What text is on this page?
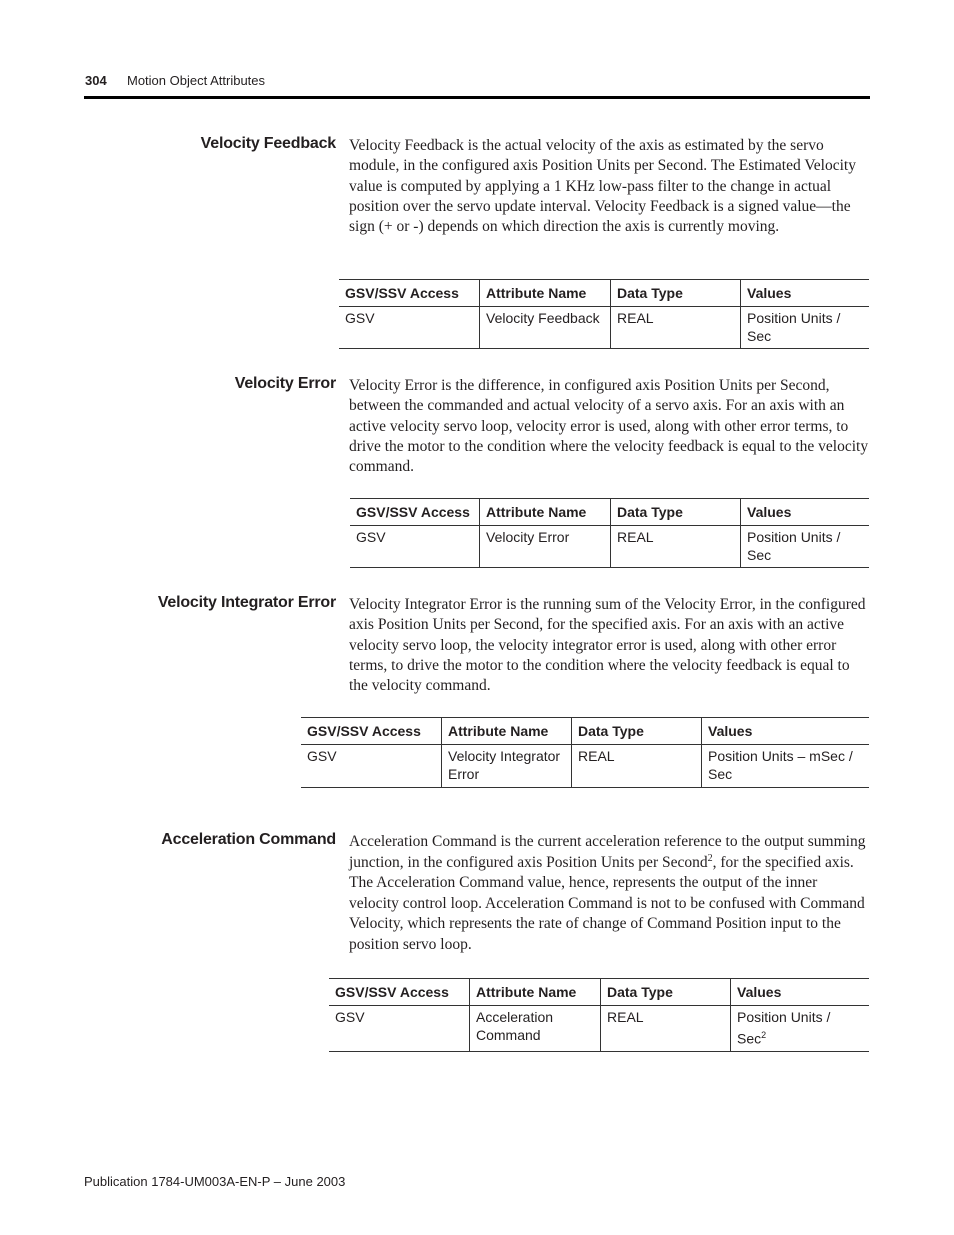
304 Motion Object Attributes
Velocity Feedback Velocity Feedback is the actual velocity of the axis as estimated by the servo module, in the configured axis Position Units per Second. The Estimated Velocity value is computed by applying a 1 KHz low-pass filter to the change in actual position over the servo update interval. Velocity Feedback is a signed value—the sign (+ or -) depends on which direction the axis is currently moving.
GSV/SSV Access	Attribute Name	Data Type	Values
GSV	Velocity Feedback	REAL	Position Units / Sec
Velocity Error Velocity Error is the difference, in configured axis Position Units per Second, between the commanded and actual velocity of a servo axis. For an axis with an active velocity servo loop, velocity error is used, along with other error terms, to drive the motor to the condition where the velocity feedback is equal to the velocity command.
GSV/SSV Access	Attribute Name	Data Type	Values
GSV	Velocity Error	REAL	Position Units / Sec
Velocity Integrator Error Velocity Integrator Error is the running sum of the Velocity Error, in the configured axis Position Units per Second, for the specified axis. For an axis with an active velocity servo loop, the velocity integrator error is used, along with other error terms, to drive the motor to the condition where the velocity feedback is equal to the velocity command.
GSV/SSV Access	Attribute Name	Data Type	Values
GSV	Velocity Integrator Error	REAL	Position Units – mSec / Sec
Acceleration Command Acceleration Command is the current acceleration reference to the output summing junction, in the configured axis Position Units per Second$^2$, for the specified axis. The Acceleration Command value, hence, represents the output of the inner velocity control loop. Acceleration Command is not to be confused with Command Velocity, which represents the rate of change of Command Position input to the position servo loop.
GSV/SSV Access	Attribute Name	Data Type	Values
GSV	Acceleration Command	REAL	Position Units / Sec$^2$
Publication 1784-UM003A-EN-P – June 2003
